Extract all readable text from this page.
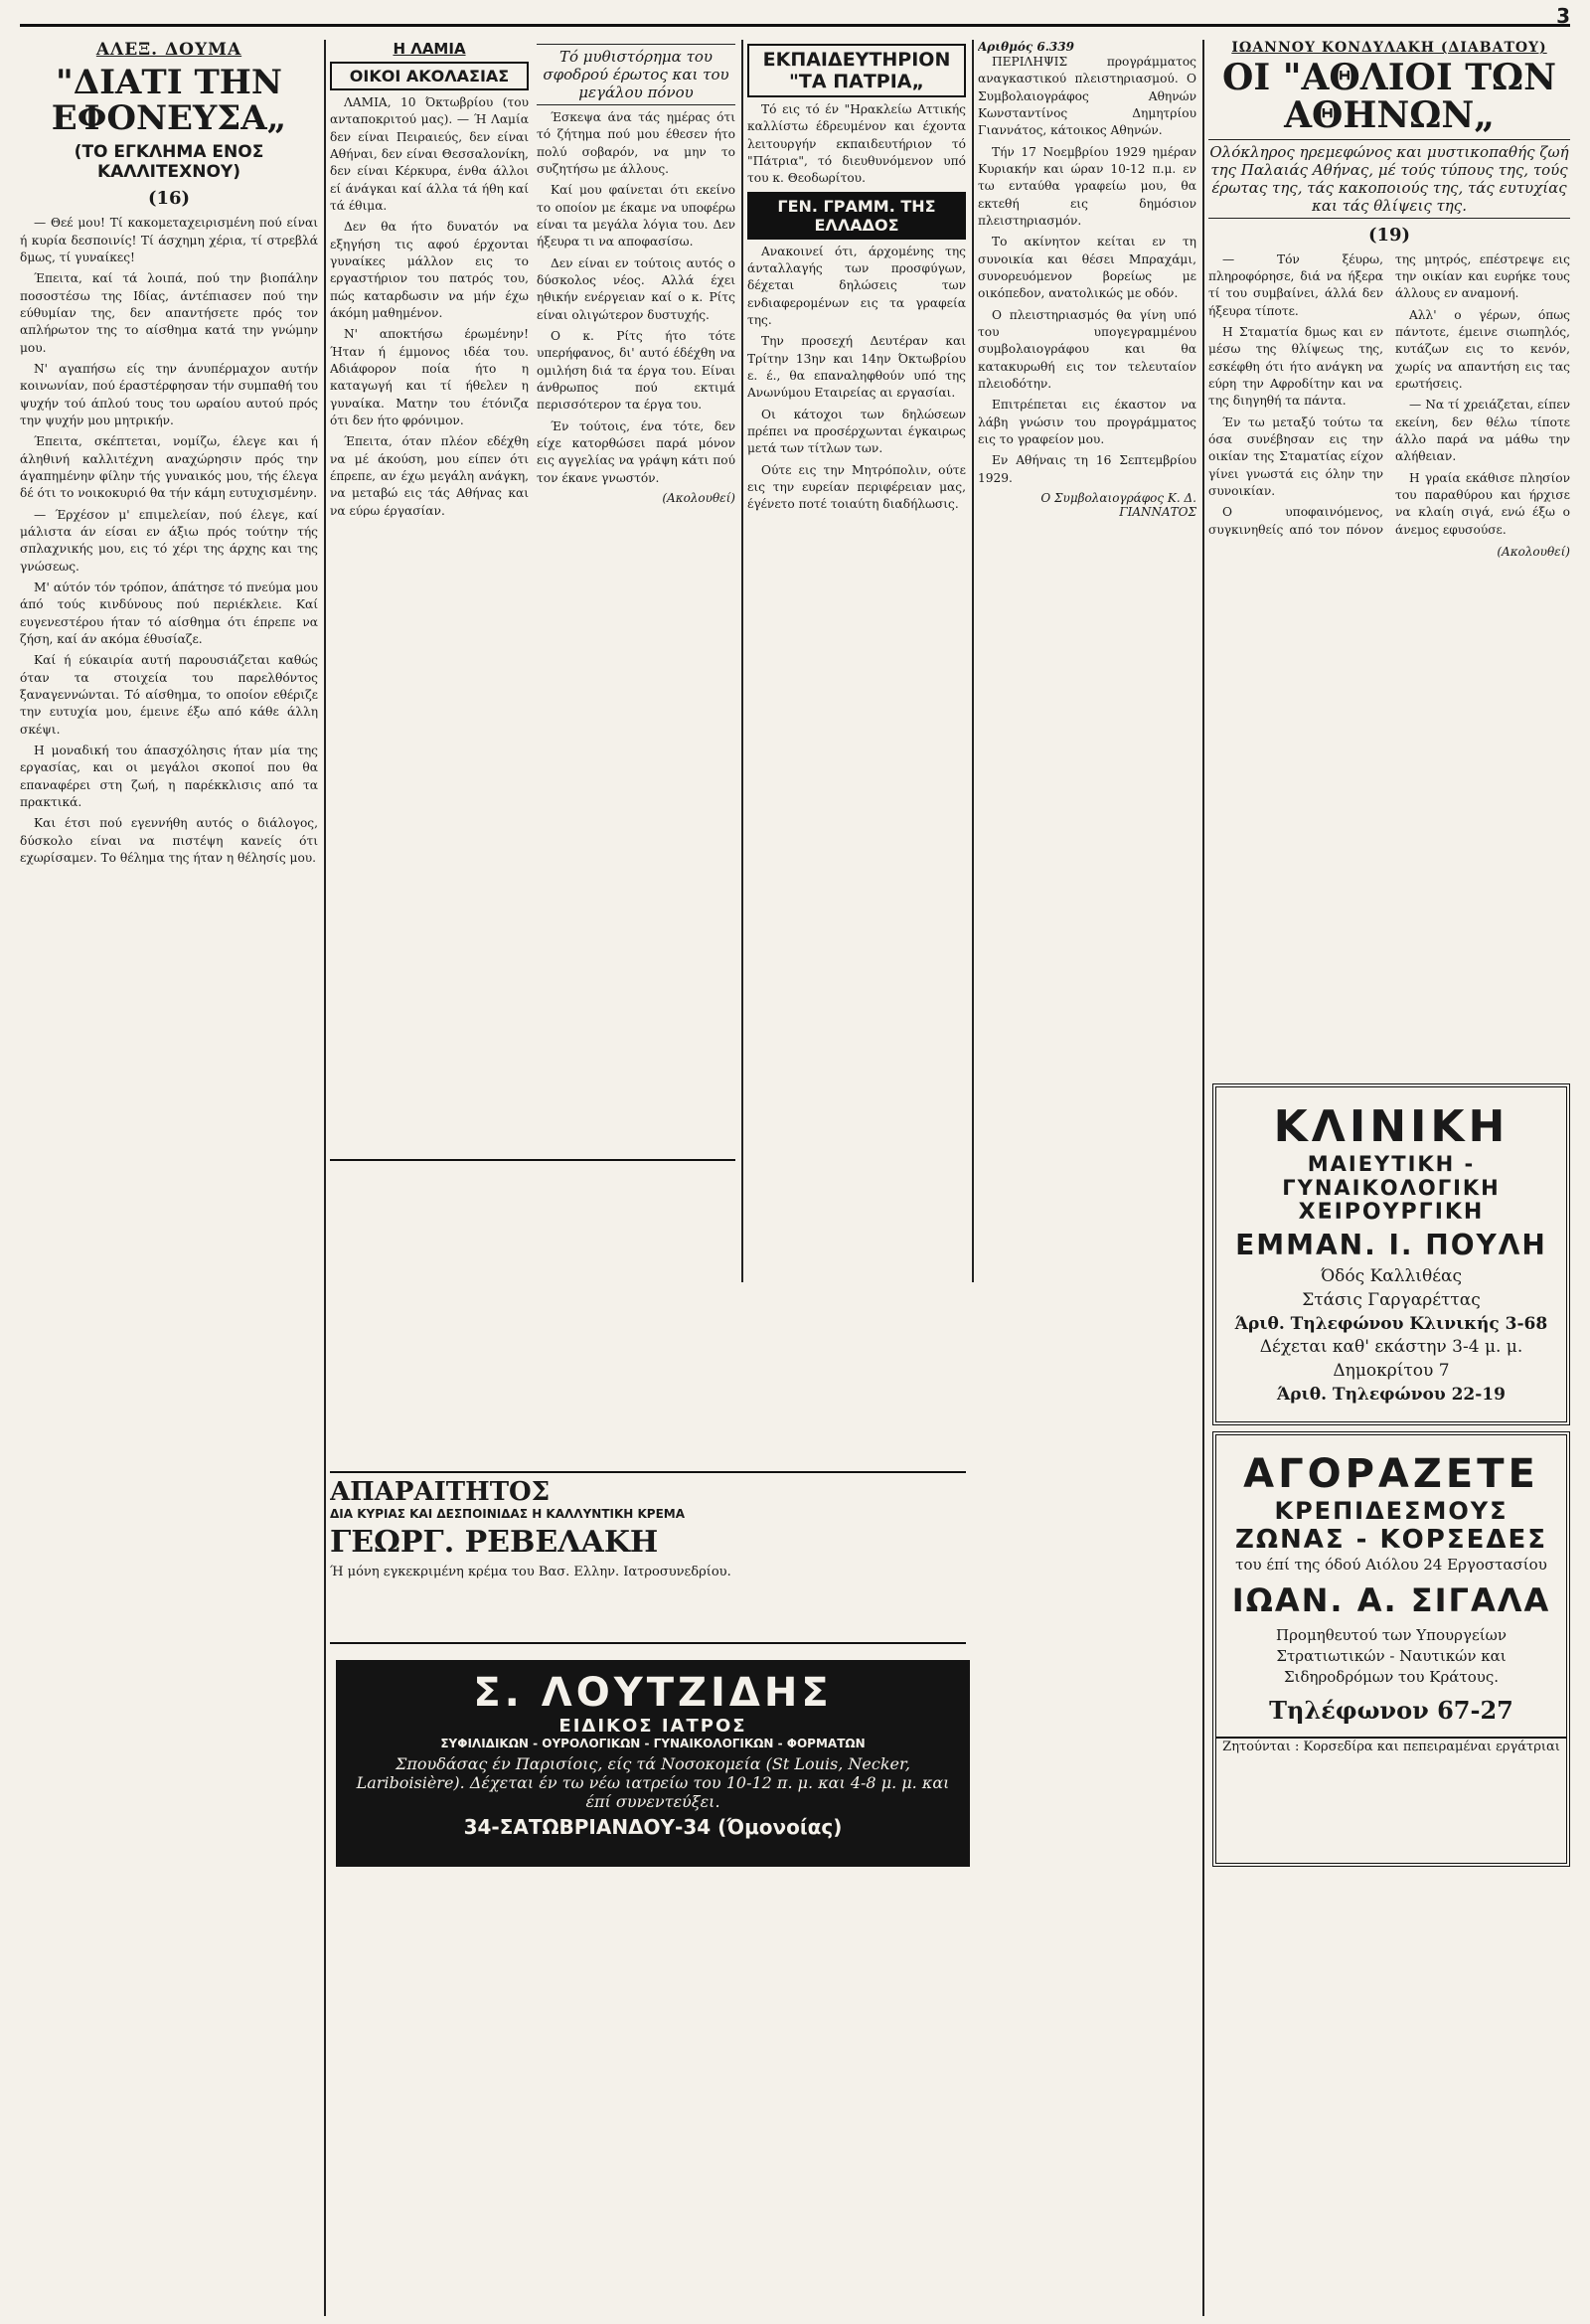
3
ΑΛΕΞ. ΔΟΥΜΑ
"ΔΙΑΤΙ ΤΗΝ ΕΦΟΝΕΥΣΑ„
(ΤΟ ΕΓΚΛΗΜΑ ΕΝΟΣ ΚΑΛΛΙΤΕΧΝΟΥ)
(16)

— Θεέ μου! Τί κακομεταχειρισμένη πού είναι ή κυρία δεσποινίς! Τί άσχημη χέρια, τί στρεβλά δμως, τί γυναίκες!

Έπειτα, καί τά λοιπά, πού την βιοπάλην ποσοστέσω της Ιδίας, άντέπιασεν πού την εύθυμίαν της, δεν απαντήσετε πρός τον απλήρωτον της το αίσθημα κατά την γνώμην μου.

Ν' αγαπήσω είς την άνυπέρμαχον αυτήν κοινωνίαν, πού έραστέρφησαν τήν συμπαθή του ψυχήν τού άπλού τους του ωραίου αυτού πρός την ψυχήν μου μητρικήν.

Έπειτα, σκέπτεται, νομίζω, έλεγε και ή άληθινή καλλιτέχνη αναχώρησιν πρός την άγαπημένην φίλην τής γυναικός μου, τής έλεγα δέ ότι το νοικοκυριό θα τήν κάμη ευτυχισμένην.

— Έρχέσον μ' επιμελείαν, πού έλεγε, καί μάλιστα άν είσαι εν άξιω πρός τούτην τής σπλαχνικής μου, εις τό χέρι της άρχης και της γνώσεως.

Μ' αύτόν τόν τρόπον, άπάτησε τό πνεύμα μου άπό τούς κινδύνους πού περιέκλειε. Καί ευγενεστέρου ήταν τό αίσθημα ότι έπρεπε να ζήση, καί άν ακόμα έθυσίαζε.

Καί ή εύκαιρία αυτή παρουσιάζεται καθώς όταν τα στοιχεία του παρελθόντος ξαναγεννώνται. Τό αίσθημα, το οποίον εθέριζε την ευτυχία μου, έμεινε έξω από κάθε άλλη σκέψι.

Η μοναδική του άπασχόλησις ήταν μία της εργασίας, και οι μεγάλοι σκοποί που θα επαναφέρει στη ζωή, η παρέκκλισις από τα πρακτικά.

Και έτσι πού εγεννήθη αυτός ο διάλογος, δύσκολο είναι να πιστέψη κανείς ότι εχωρίσαμεν. Το θέλημα της ήταν η θέλησίς μου.

Η ΛΑΜΙΑ
ΟΙΚΟΙ ΑΚΟΛΑΣΙΑΣ

ΛΑΜΙΑ, 10 Όκτωβρίου (του ανταποκριτού μας). — Ή Λαμία δεν είναι Πειραιεύς, δεν είναι Αθήναι, δεν είναι Θεσσαλονίκη, δεν είναι Κέρκυρα, ένθα άλλοι εί άνάγκαι καί άλλα τά ήθη καί τά έθιμα.

Δεν θα ήτο δυνατόν να εξηγήση τις αφού έρχονται γυναίκες μάλλον εις το εργαστήριον του πατρός του, πώς καταρδωσιν να μήν έχω άκόμη μαθημένον.

Ν' αποκτήσω έρωμένην! Ήταν ή έμμονος ιδέα του. Αδιάφορον ποία ήτο η καταγωγή και τί ήθελεν η γυναίκα. Ματην του έτόνιζα ότι δεν ήτο φρόνιμον.

Έπειτα, όταν πλέον εδέχθη να μέ άκούση, μου είπεν ότι έπρεπε, αν έχω μεγάλη ανάγκη, να μεταβώ εις τάς Αθήνας και να εύρω έργασίαν.

Τό μυθιστόρημα του σφοδρού έρωτος και του μεγάλου πόνου

Έσκεψα άνα τάς ημέρας ότι τό ζήτημα πού μου έθεσεν ήτο πολύ σοβαρόν, να μην το συζητήσω με άλλους.

Καί μου φαίνεται ότι εκείνο το οποίον με έκαμε να υποφέρω είναι τα μεγάλα λόγια του. Δεν ήξευρα τι να αποφασίσω.

Δεν είναι εν τούτοις αυτός ο δύσκολος νέος. Αλλά έχει ηθικήν ενέργειαν καί ο κ. Ρίτς είναι ολιγώτερον δυστυχής.

Ο κ. Ρίτς ήτο τότε υπερήφανος, δι' αυτό έδέχθη να ομιλήση διά τα έργα του. Είναι άνθρωπος πού εκτιμά περισσότερον τα έργα του.

Έν τούτοις, ένα τότε, δεν είχε κατορθώσει παρά μόνον εις αγγελίας να γράψη κάτι πού τον έκανε γνωστόν.

(Ακολουθεί)
ΕΚΠΑΙΔΕΥΤΗΡΙΟΝ "ΤΑ ΠΑΤΡΙΑ„

Τό εις τό έν "Ηρακλείω Αττικής καλλίστω έδρευμένον και έχοντα λειτουργήν εκπαιδευτήριον τό "Πάτρια", τό διευθυνόμενον υπό του κ. Θεοδωρίτου.

ΓΕΝ. ΓΡΑΜΜ. ΤΗΣ ΕΛΛΑΔΟΣ

Ανακοινεί ότι, άρχομένης της άνταλλαγής των προσφύγων, δέχεται δηλώσεις των ενδιαφερομένων εις τα γραφεία της.

Την προσεχή Δευτέραν και Τρίτην 13ην και 14ην Όκτωβρίου ε. έ., θα επαναληφθούν υπό της Ανωνύμου Εταιρείας αι εργασίαι.

Οι κάτοχοι των δηλώσεων πρέπει να προσέρχωνται έγκαιρως μετά των τίτλων των.

Ούτε εις την Μητρόπολιν, ούτε εις την ευρείαν περιφέρειαν μας, έγένετο ποτέ τοιαύτη διαδήλωσις.

Αριθμός 6.339

ΠΕΡΙΛΗΨΙΣ προγράμματος αναγκαστικού πλειστηριασμού. Ο Συμβολαιογράφος Αθηνών Κωνσταντίνος Δημητρίου Γιαννάτος, κάτοικος Αθηνών.

Τήν 17 Νοεμβρίου 1929 ημέραν Κυριακήν και ώραν 10-12 π.μ. εν τω ενταύθα γραφείω μου, θα εκτεθή εις δημόσιον πλειστηριασμόν.

Το ακίνητον κείται εν τη συνοικία και θέσει Μπραχάμι, συνορευόμενον βορείως με οικόπεδον, ανατολικώς με οδόν.

Ο πλειστηριασμός θα γίνη υπό του υπογεγραμμένου συμβολαιογράφου και θα κατακυρωθή εις τον τελευταίον πλειοδότην.

Επιτρέπεται εις έκαστον να λάβη γνώσιν του προγράμματος εις το γραφείον μου.

Εν Αθήναις τη 16 Σεπτεμβρίου 1929.

Ο Συμβολαιογράφος Κ. Δ. ΓΙΑΝΝΑΤΟΣ
ΙΩΑΝΝΟΥ ΚΟΝΔΥΛΑΚΗ (ΔΙΑΒΑΤΟΥ)
ΟΙ "ΑΘΛΙΟΙ ΤΩΝ ΑΘΗΝΩΝ„
Ολόκληρος ηρεμεφώνος και μυστικοπαθής ζωή της Παλαιάς Αθήνας, μέ τούς τύπους της, τούς έρωτας της, τάς κακοποιούς της, τάς ευτυχίας και τάς θλίψεις της.
(19)

— Τόν ξέυρω, πληροφόρησε, διά να ήξερα τί του συμβαίνει, άλλά δεν ήξευρα τίποτε.

Η Σταματία δμως και εν μέσω της θλίψεως της, εσκέφθη ότι ήτο ανάγκη να εύρη την Αφροδίτην και να της διηγηθή τα πάντα.

Έν τω μεταξύ τούτω τα όσα συνέβησαν εις την οικίαν της Σταματίας είχον γίνει γνωστά εις όλην την συνοικίαν.

Ο υποφαινόμενος, συγκινηθείς από τον πόνον της μητρός, επέστρεψε εις την οικίαν και ευρήκε τους άλλους εν αναμονή.

Αλλ' ο γέρων, όπως πάντοτε, έμεινε σιωπηλός, κυτάζων εις το κενόν, χωρίς να απαντήση εις τας ερωτήσεις.

— Να τί χρειάζεται, είπεν εκείνη, δεν θέλω τίποτε άλλο παρά να μάθω την αλήθειαν.

Η γραία εκάθισε πλησίον του παραθύρου και ήρχισε να κλαίη σιγά, ενώ έξω ο άνεμος εφυσούσε.

(Ακολουθεί)
ΚΛΙΝΙΚΗ
ΜΑΙΕΥΤΙΚΗ - ΓΥΝΑΙΚΟΛΟΓΙΚΗ
ΧΕΙΡΟΥΡΓΙΚΗ
ΕΜΜΑΝ. Ι. ΠΟΥΛΗ
Όδός Καλλιθέας
Στάσις Γαργαρέττας
Άριθ. Τηλεφώνου Κλινικής 3-68
Δέχεται καθ' εκάστην 3-4 μ. μ.
Δημοκρίτου 7
Άριθ. Τηλεφώνου 22-19
ΑΓΟΡΑΖΕΤΕ
ΚΡΕΠΙΔΕΣΜΟΥΣ
ΖΩΝΑΣ - ΚΟΡΣΕΔΕΣ
του έπί της όδού Αιόλου 24 Εργοστασίου
ΙΩΑΝ. Α. ΣΙΓΑΛΑ
Προμηθευτού των Υπουργείων Στρατιωτικών - Ναυτικών και Σιδηροδρόμων του Κράτους.
Τηλέφωνον 67-27
Ζητούνται : Κορσεδίρα και πεπειραμέναι εργάτριαι
ΑΠΑΡΑΙΤΗΤΟΣ
ΔΙΑ ΚΥΡΙΑΣ ΚΑΙ ΔΕΣΠΟΙΝΙΔΑΣ Η ΚΑΛΛΥΝΤΙΚΗ ΚΡΕΜΑ
ΓΕΩΡΓ. ΡΕΒΕΛΑΚΗ
Ή μόνη εγκεκριμένη κρέμα του Βασ. Ελλην. Ιατροσυνεδρίου.
Σ. ΛΟΥΤΖΙΔΗΣ
ΕΙΔΙΚΟΣ ΙΑΤΡΟΣ
ΣΥΦΙΛΙΔΙΚΩΝ - ΟΥΡΟΛΟΓΙΚΩΝ - ΓΥΝΑΙΚΟΛΟΓΙΚΩΝ - ΦΟΡΜΑΤΩΝ
Σπουδάσας έν Παρισίοις, είς τά Νοσοκομεία (St Louis, Necker, Lariboisière). Δέχεται έν τω νέω ιατρείω του 10-12 π. μ. και 4-8 μ. μ. και έπί συνεντεύξει.
34-ΣΑΤΩΒΡΙΑΝΔΟΥ-34 (Όμονοίας)
